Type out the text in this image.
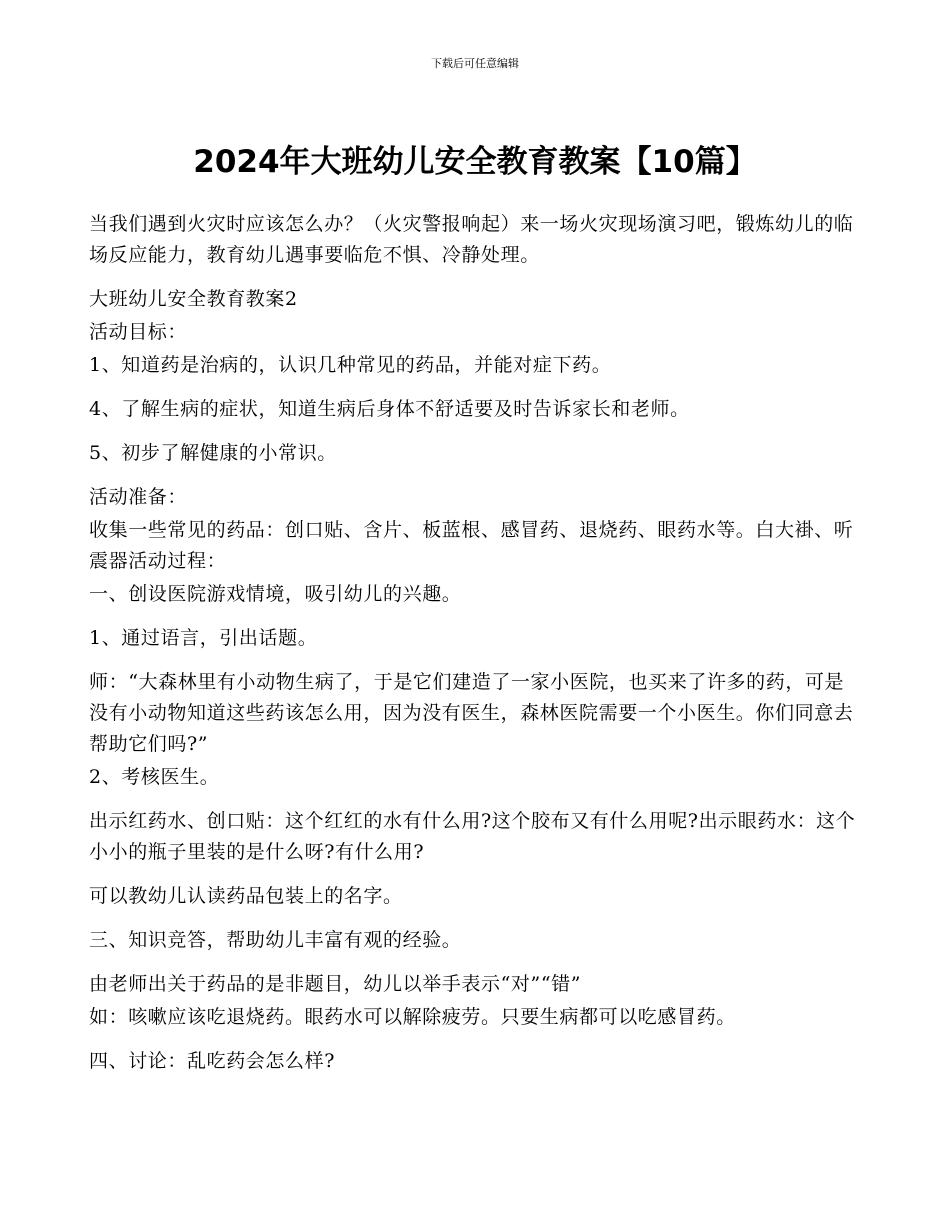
下载后可任意编辑
2024年大班幼儿安全教育教案【10篇】

当我们遇到火灾时应该怎么办？（火灾警报响起）来一场火灾现场演习吧，锻炼幼儿的临场反应能力，教育幼儿遇事要临危不惧、冷静处理。

大班幼儿安全教育教案2

活动目标：

1、知道药是治病的，认识几种常见的药品，并能对症下药。

4、了解生病的症状，知道生病后身体不舒适要及时告诉家长和老师。

5、初步了解健康的小常识。

活动准备：

收集一些常见的药品：创口贴、含片、板蓝根、感冒药、退烧药、眼药水等。白大褂、听震器活动过程：

一、创设医院游戏情境，吸引幼儿的兴趣。

1、通过语言，引出话题。

师：“大森林里有小动物生病了，于是它们建造了一家小医院，也买来了许多的药，可是没有小动物知道这些药该怎么用，因为没有医生，森林医院需要一个小医生。你们同意去帮助它们吗?”

2、考核医生。

出示红药水、创口贴：这个红红的水有什么用?这个胶布又有什么用呢?出示眼药水：这个小小的瓶子里装的是什么呀?有什么用?

可以教幼儿认读药品包装上的名字。

三、知识竞答，帮助幼儿丰富有观的经验。

由老师出关于药品的是非题目，幼儿以举手表示“对”“错”

如：咳嗽应该吃退烧药。眼药水可以解除疲劳。只要生病都可以吃感冒药。

四、讨论：乱吃药会怎么样?
